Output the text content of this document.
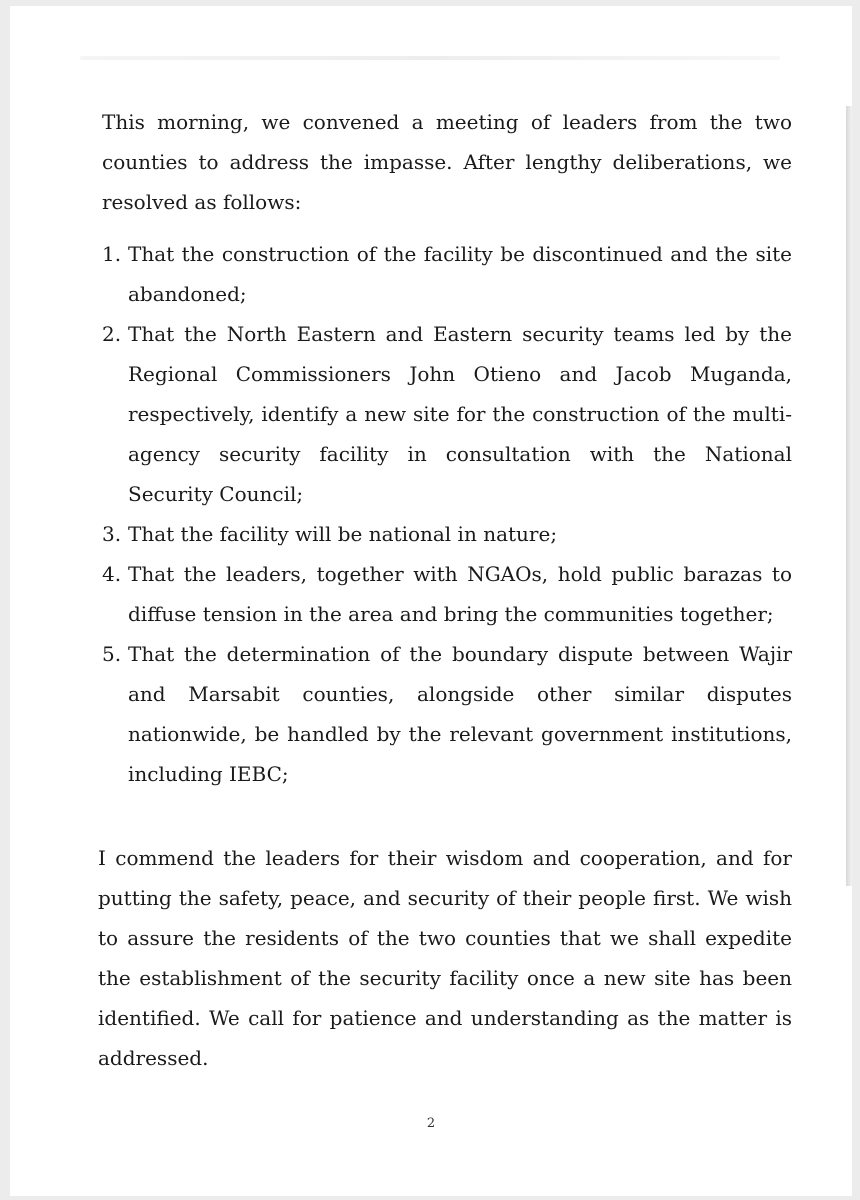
This morning, we convened a meeting of leaders from the two counties to address the impasse. After lengthy deliberations, we resolved as follows:

1. That the construction of the facility be discontinued and the site abandoned;
2. That the North Eastern and Eastern security teams led by the Regional Commissioners John Otieno and Jacob Muganda, respectively, identify a new site for the construction of the multi-agency security facility in consultation with the National Security Council;
3. That the facility will be national in nature;
4. That the leaders, together with NGAOs, hold public barazas to diffuse tension in the area and bring the communities together;
5. That the determination of the boundary dispute between Wajir and Marsabit counties, alongside other similar disputes nationwide, be handled by the relevant government institutions, including IEBC;

I commend the leaders for their wisdom and cooperation, and for putting the safety, peace, and security of their people first. We wish to assure the residents of the two counties that we shall expedite the establishment of the security facility once a new site has been identified. We call for patience and understanding as the matter is addressed.

2
